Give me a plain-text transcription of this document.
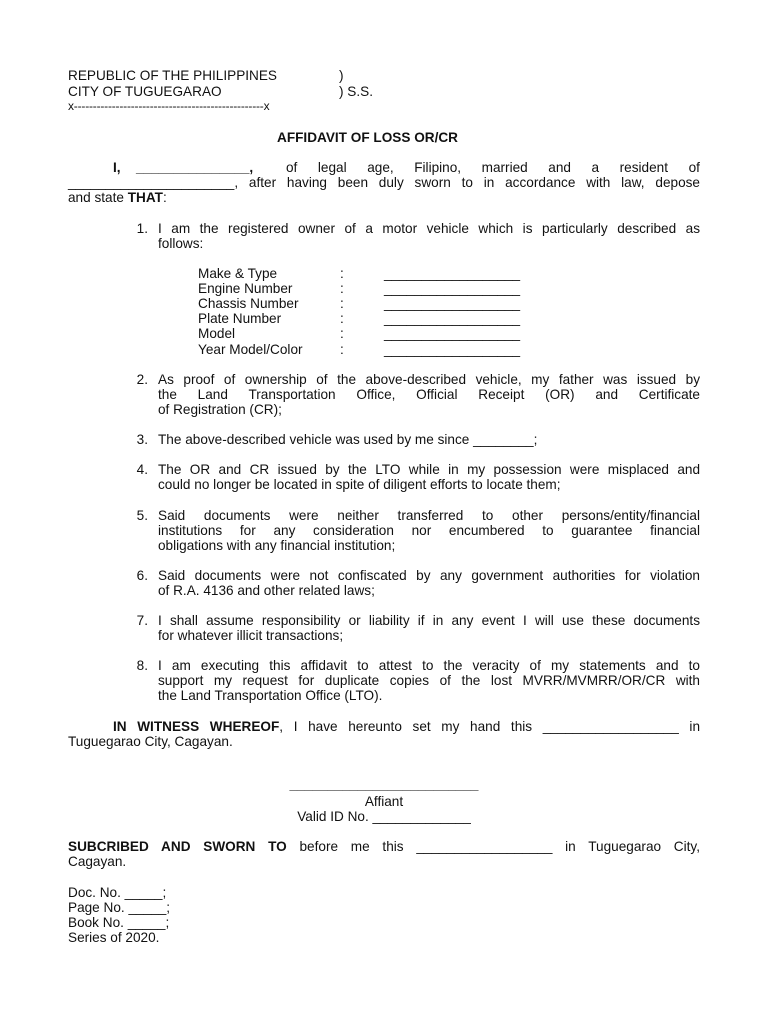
REPUBLIC OF THE PHILIPPINES	)
CITY OF TUGUEGARAO	) S.S.
x--------------------------------------------------x
AFFIDAVIT OF LOSS OR/CR
I, _______________, of legal age, Filipino, married and a resident of
______________________, after having been duly sworn to in accordance with law, depose
and state THAT:
1. I am the registered owner of a motor vehicle which is particularly described as
follows:
Make & Type	:	__________________
Engine Number	:	__________________
Chassis Number	:	__________________
Plate Number	:	__________________
Model	:	__________________
Year Model/Color	:	__________________
2. As proof of ownership of the above-described vehicle, my father was issued by
the Land Transportation Office, Official Receipt (OR) and Certificate
of Registration (CR);
3. The above-described vehicle was used by me since ________;
4. The OR and CR issued by the LTO while in my possession were misplaced and
could no longer be located in spite of diligent efforts to locate them;
5. Said documents were neither transferred to other persons/entity/financial
institutions for any consideration nor encumbered to guarantee financial
obligations with any financial institution;
6. Said documents were not confiscated by any government authorities for violation
of R.A. 4136 and other related laws;
7. I shall assume responsibility or liability if in any event I will use these documents
for whatever illicit transactions;
8. I am executing this affidavit to attest to the veracity of my statements and to
support my request for duplicate copies of the lost MVRR/MVMRR/OR/CR with
the Land Transportation Office (LTO).
IN WITNESS WHEREOF, I have hereunto set my hand this __________________ in
Tuguegarao City, Cagayan.
_________________________
Affiant
Valid ID No. _____________
SUBCRIBED AND SWORN TO before me this __________________ in Tuguegarao City,
Cagayan.
Doc. No. _____;
Page No. _____;
Book No. _____;
Series of 2020.
